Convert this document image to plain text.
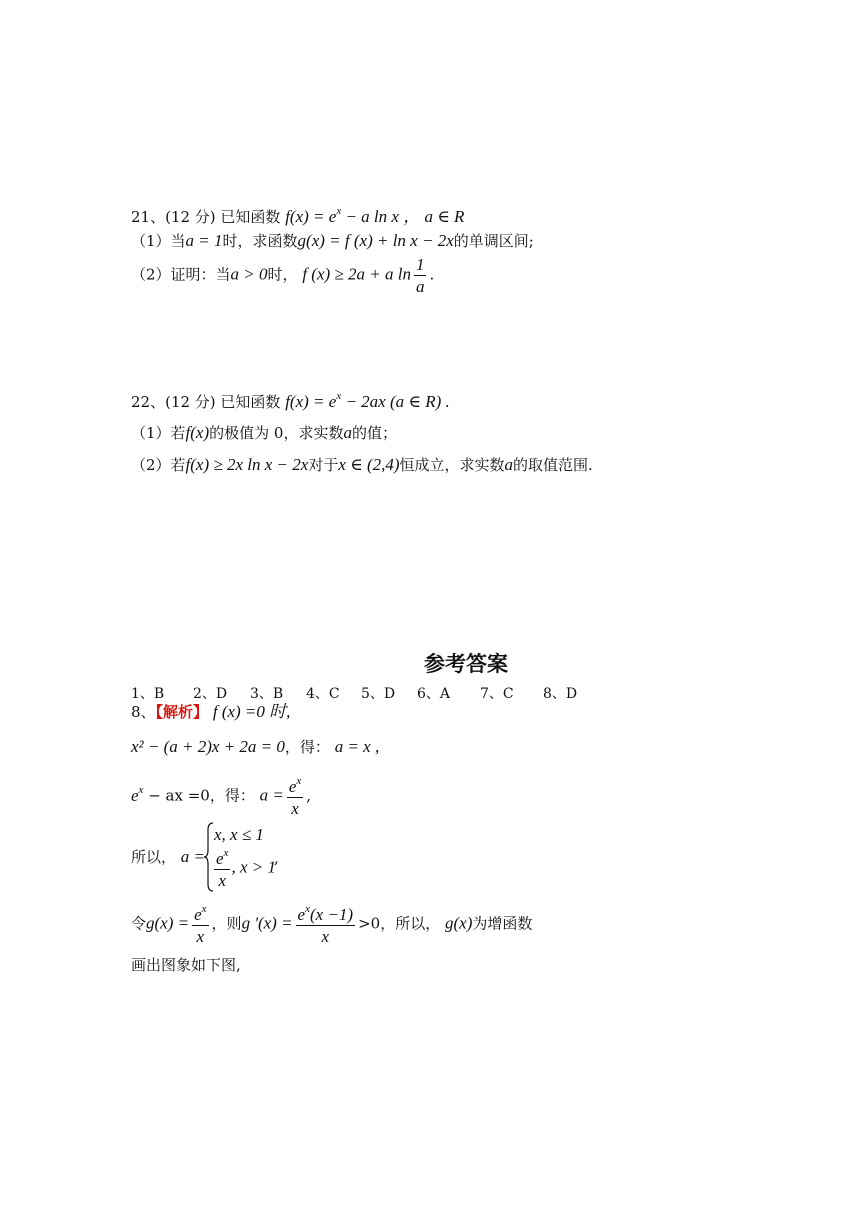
21、(12 分) 已知函数 $f(x) = e^x - a$ ln x ， a ∈ R
（1）当a = 1时，求函数g(x) = f (x) + ln x − 2x的单调区间;
（2）证明：当a > 0时， f (x) ≥ 2a + a $\ln \frac{1}{a}$ .
22、(12 分) 已知函数 $f(x) = e^x - 2ax$ (a ∈ R) .
（1）若f(x)的极值为 0，求实数a的值；
（2）若f(x) ≥ 2x ln x − 2x对于x ∈ (2,4)恒成立，求实数a的取值范围.
参考答案
1、B 2、D 3、B 4、C 5、D 6、A 7、C 8、D
8、【解析】 f (x) =0 时,
x² − (a + 2)x + 2a = 0，得： a = x ,
$e^x$ − ax =0，得： $a = \frac{e^x}{x}$ ,
所以， a =
x, x ≤ 1
$\frac{e^x}{x}$ , x > 1
,
令$g(x) = \frac{e^x}{x}$ ，则g '$(x) = \frac{e^x(x -1)}{x} >0$，所以， g(x)为增函数
画出图象如下图,
